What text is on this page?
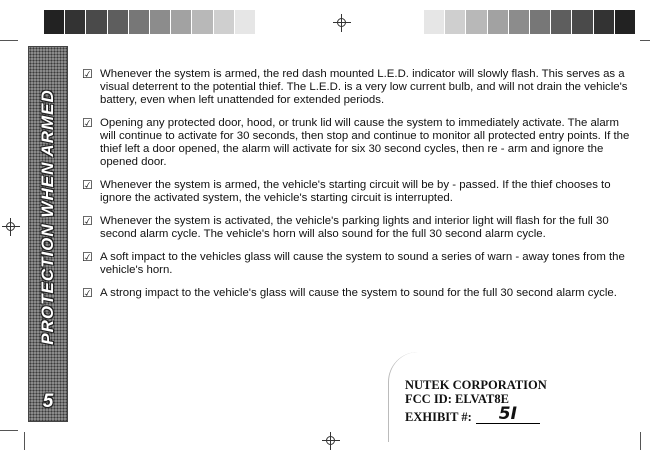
PROTECTION WHEN ARMED
5
☑ Whenever the system is armed, the red dash mounted L.E.D. indicator will slowly flash. This serves as a visual deterrent to the potential thief. The L.E.D. is a very low current bulb, and will not drain the vehicle's battery, even when left unattended for extended periods.
☑ Opening any protected door, hood, or trunk lid will cause the system to immediately activate. The alarm will continue to activate for 30 seconds, then stop and continue to monitor all protected entry points. If the thief left a door opened, the alarm will activate for six 30 second cycles, then re - arm and ignore the opened door.
☑ Whenever the system is armed, the vehicle's starting circuit will be by - passed. If the thief chooses to ignore the activated system, the vehicle's starting circuit is interrupted.
☑ Whenever the system is activated, the vehicle's parking lights and interior light will flash for the full 30 second alarm cycle. The vehicle's horn will also sound for the full 30 second alarm cycle.
☑ A soft impact to the vehicles glass will cause the system to sound a series of warn - away tones from the vehicle's horn.
☑ A strong impact to the vehicle's glass will cause the system to sound for the full 30 second alarm cycle.
NUTEK CORPORATION
FCC ID: ELVAT8E
EXHIBIT #:	5I
